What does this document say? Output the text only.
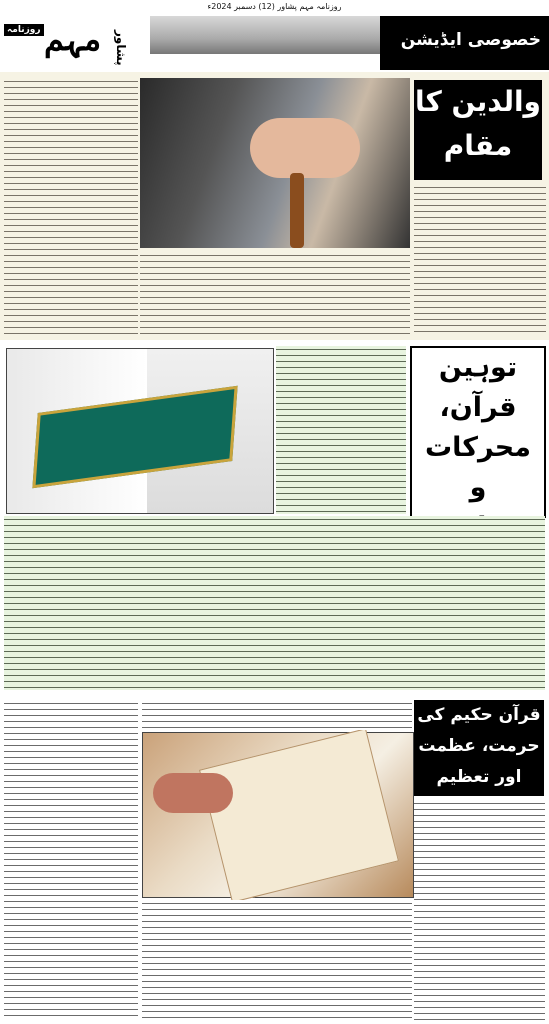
روزنامہ مہم پشاور (12) دسمبر 2024ء
خصوصی ایڈیشن
روزنامہ مہم پشاور
والدین کا
مقام
توہین
قرآن،
محرکات و
قرآن حکیم کی
حرمت، عظمت
اور تعظیم
